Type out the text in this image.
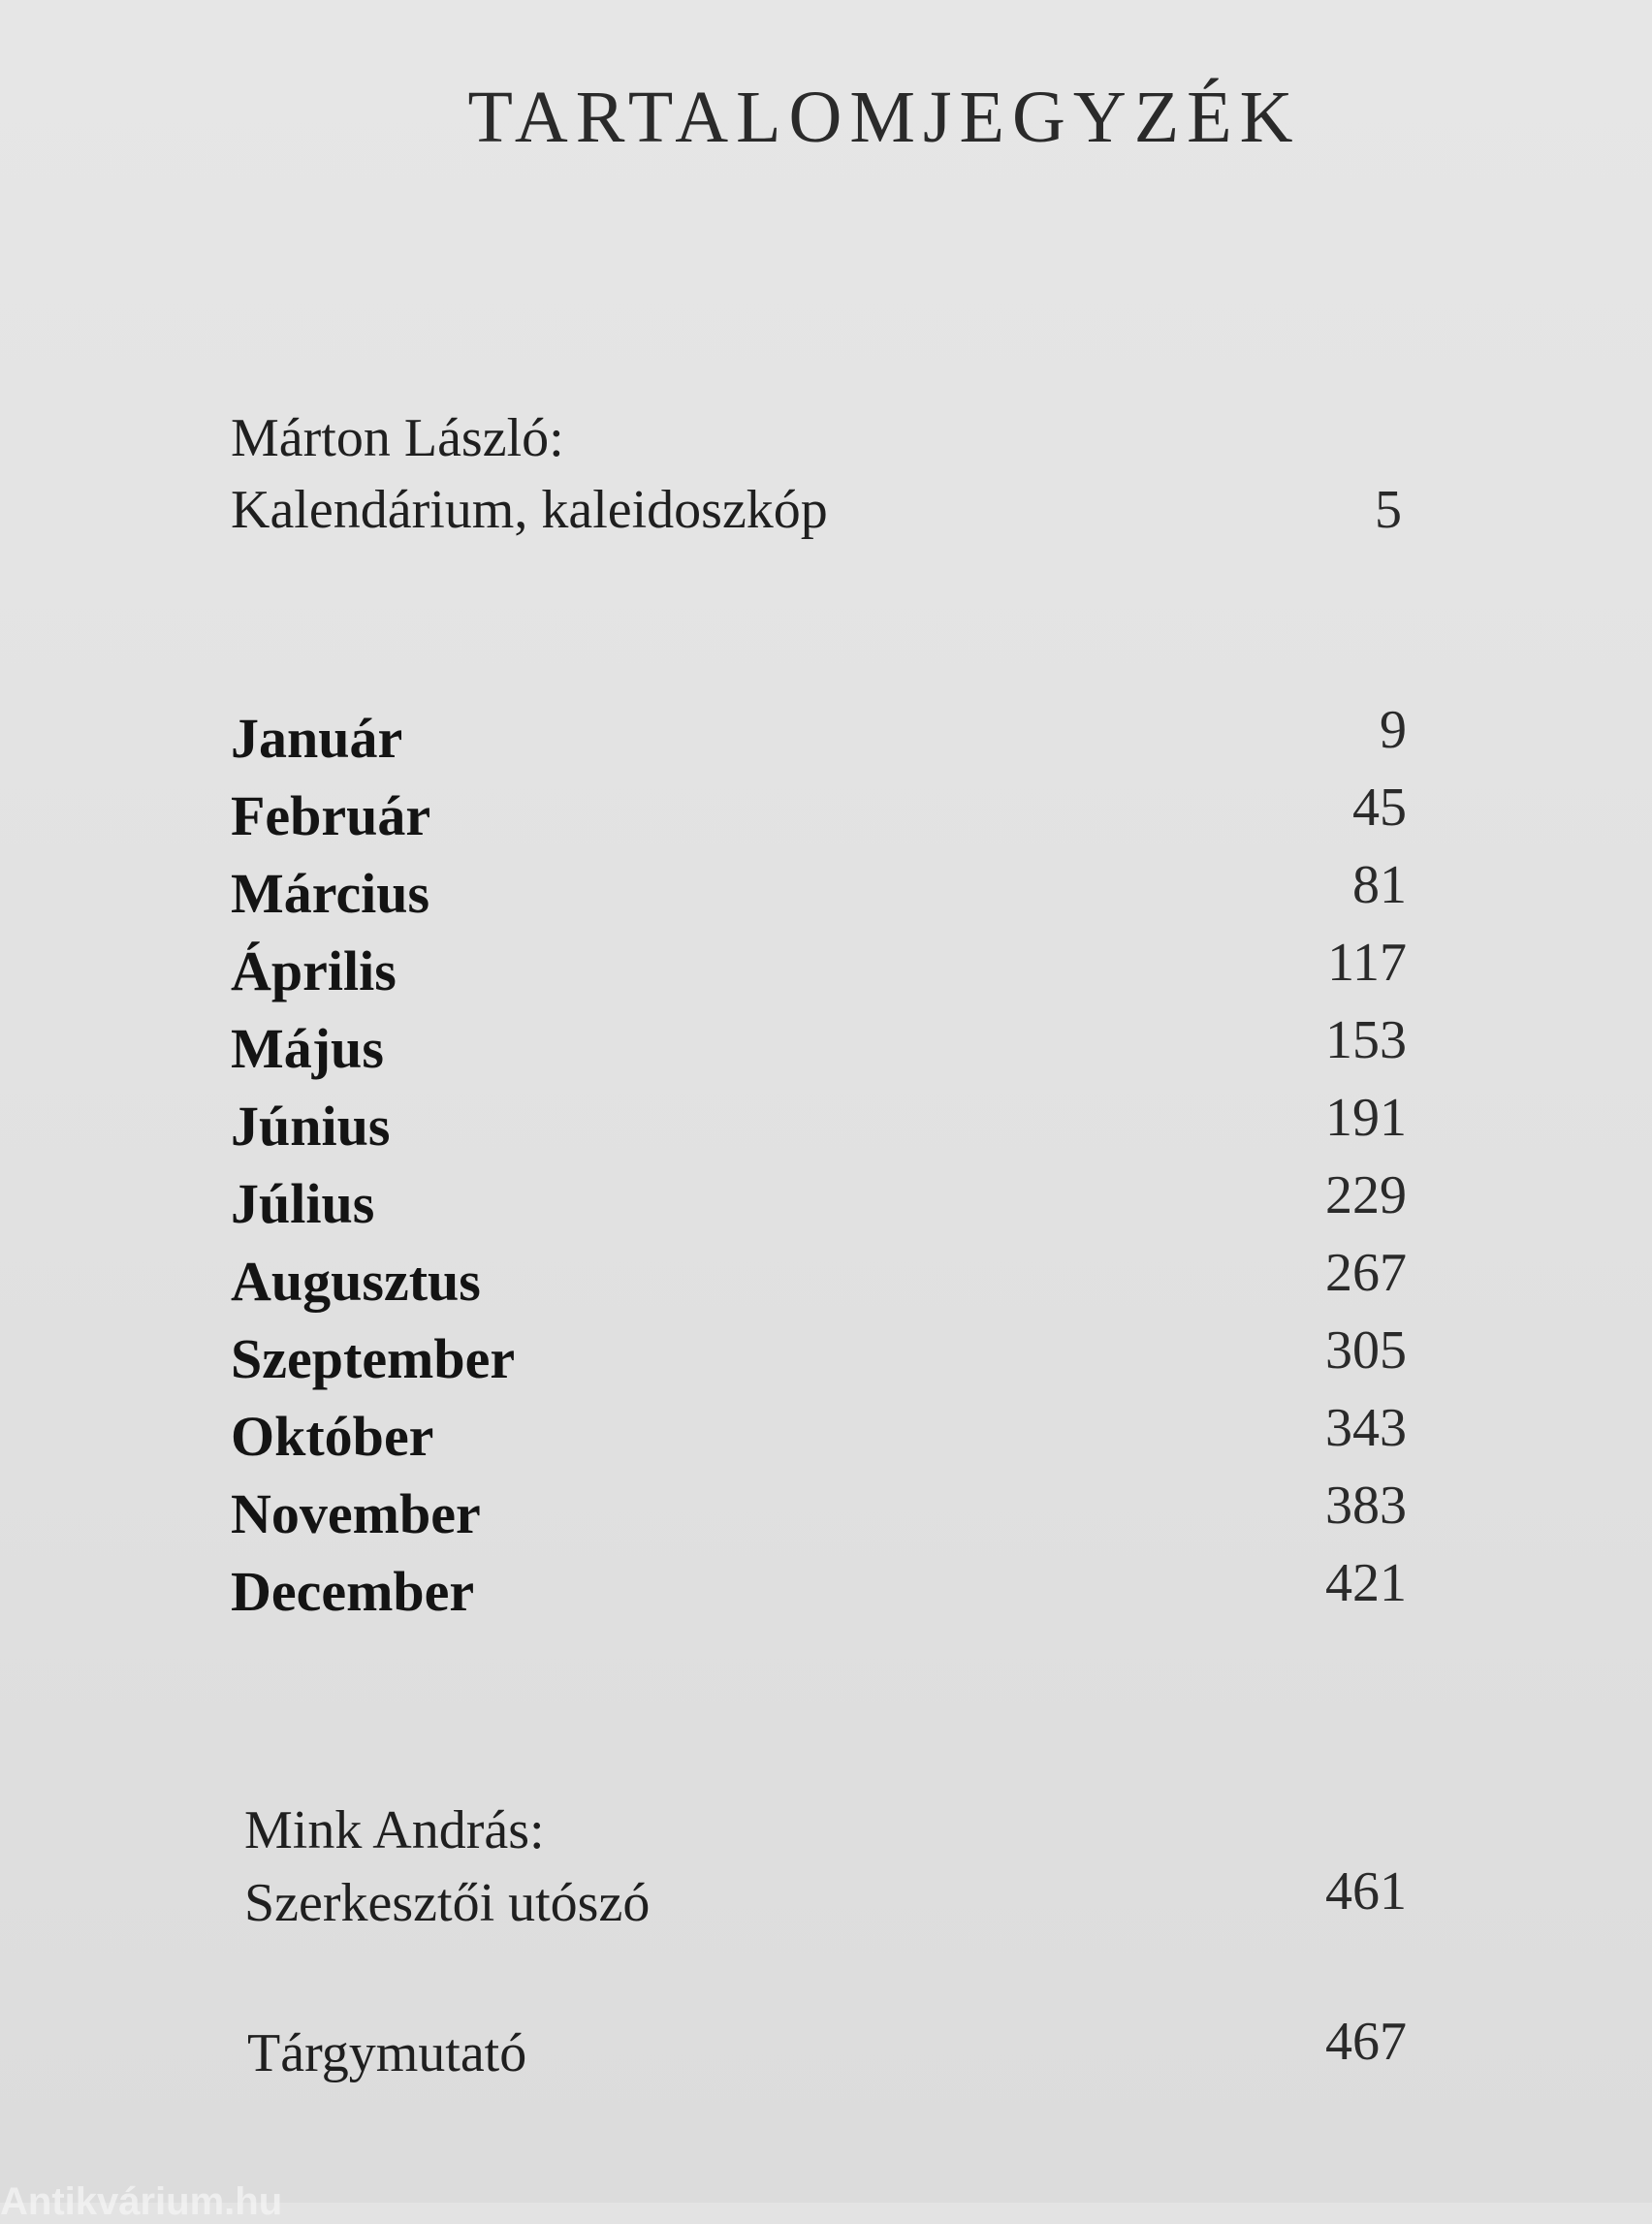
TARTALOMJEGYZÉK
Márton László:
Kalendárium, kaleidoszkóp	5
Január	9
Február	45
Március	81
Április	117
Május	153
Június	191
Július	229
Augusztus	267
Szeptember	305
Október	343
November	383
December	421
Mink András:
Szerkesztői utószó	461
Tárgymutató	467
Antikvárium.hu
